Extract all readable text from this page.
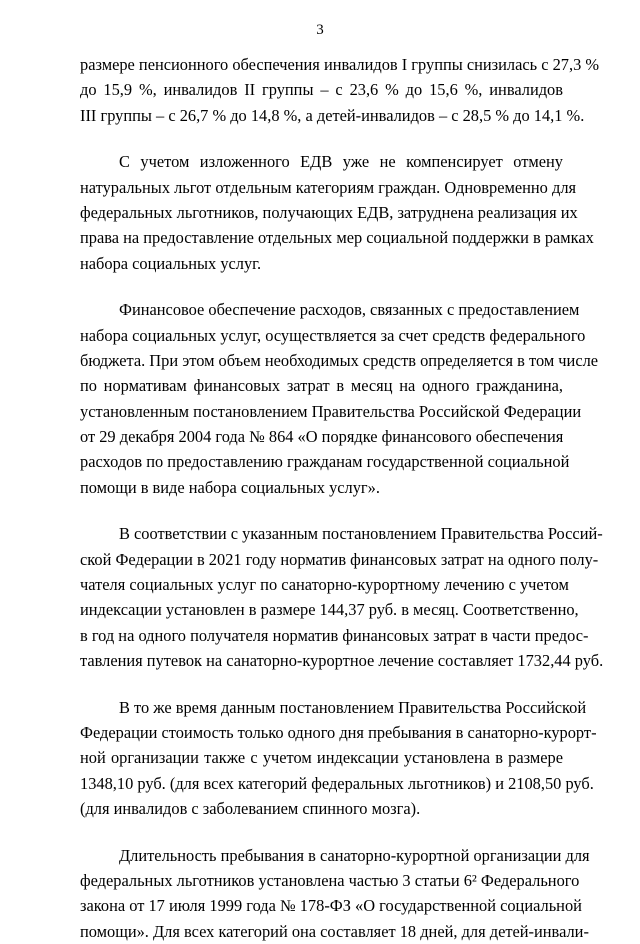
3

размере пенсионного обеспечения инвалидов I группы снизилась с 27,3 %
до 15,9 %, инвалидов II группы – с 23,6 % до 15,6 %, инвалидов
III группы – с 26,7 % до 14,8 %, а детей-инвалидов – с 28,5 % до 14,1 %.

С учетом изложенного ЕДВ уже не компенсирует отмену
натуральных льгот отдельным категориям граждан. Одновременно для
федеральных льготников, получающих ЕДВ, затруднена реализация их
права на предоставление отдельных мер социальной поддержки в рамках
набора социальных услуг.

Финансовое обеспечение расходов, связанных с предоставлением
набора социальных услуг, осуществляется за счет средств федерального
бюджета. При этом объем необходимых средств определяется в том числе
по нормативам финансовых затрат в месяц на одного гражданина,
установленным постановлением Правительства Российской Федерации
от 29 декабря 2004 года № 864 «О порядке финансового обеспечения
расходов по предоставлению гражданам государственной социальной
помощи в виде набора социальных услуг».

В соответствии с указанным постановлением Правительства Россий-
ской Федерации в 2021 году норматив финансовых затрат на одного полу-
чателя социальных услуг по санаторно-курортному лечению с учетом
индексации установлен в размере 144,37 руб. в месяц. Соответственно,
в год на одного получателя норматив финансовых затрат в части предос-
тавления путевок на санаторно-курортное лечение составляет 1732,44 руб.

В то же время данным постановлением Правительства Российской
Федерации стоимость только одного дня пребывания в санаторно-курорт-
ной организации также с учетом индексации установлена в размере
1348,10 руб. (для всех категорий федеральных льготников) и 2108,50 руб.
(для инвалидов с заболеванием спинного мозга).

Длительность пребывания в санаторно-курортной организации для
федеральных льготников установлена частью 3 статьи 6² Федерального
закона от 17 июля 1999 года № 178-ФЗ «О государственной социальной
помощи». Для всех категорий она составляет 18 дней, для детей-инвали-
